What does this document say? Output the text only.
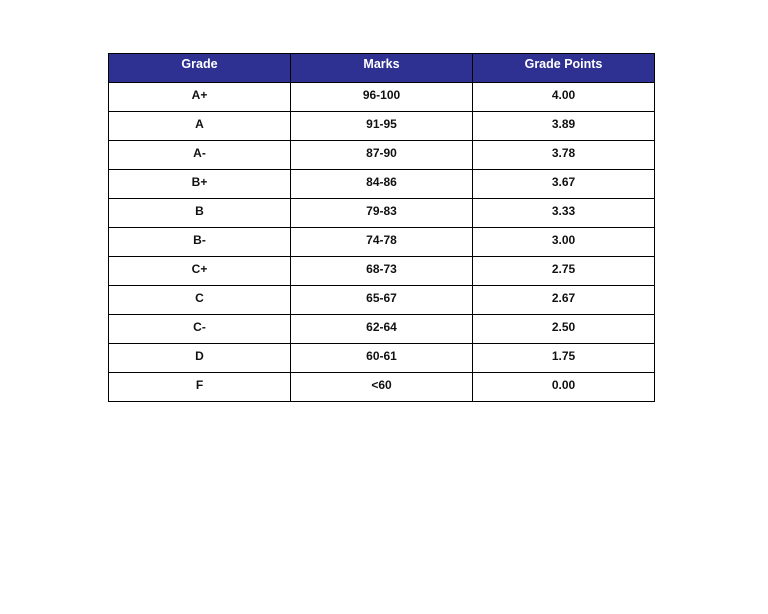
Grade	Marks	Grade Points
A+	96-100	4.00
A	91-95	3.89
A-	87-90	3.78
B+	84-86	3.67
B	79-83	3.33
B-	74-78	3.00
C+	68-73	2.75
C	65-67	2.67
C-	62-64	2.50
D	60-61	1.75
F	<60	0.00
